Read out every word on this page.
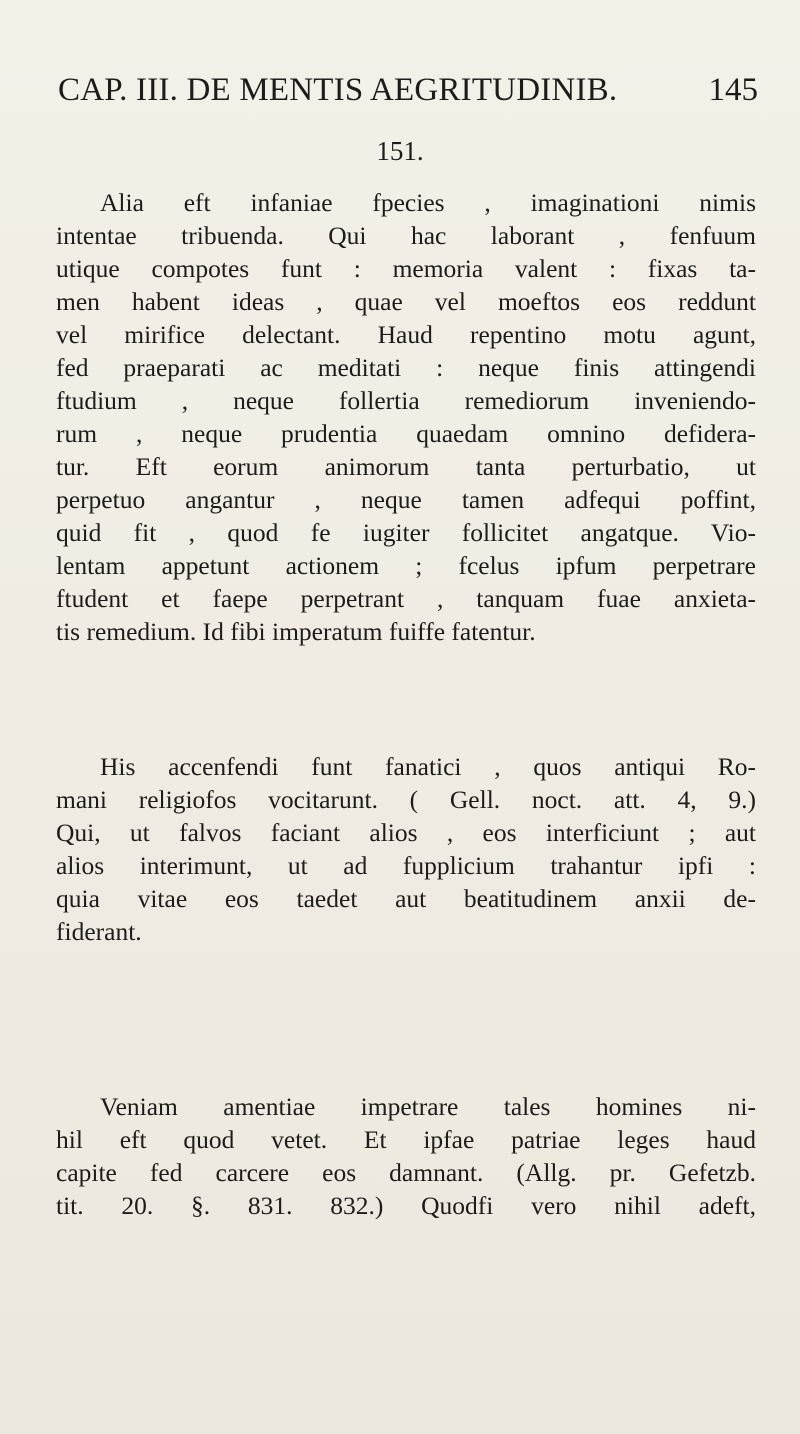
CAP. III. DE MENTIS AEGRITUDINIB.	145
151.

Alia eft infaniae fpecies , imaginationi nimis
intentae tribuenda. Qui hac laborant , fenfuum
utique compotes funt : memoria valent : fixas ta-
men habent ideas , quae vel moeftos eos reddunt
vel mirifice delectant. Haud repentino motu agunt,
fed praeparati ac meditati : neque finis attingendi
ftudium , neque follertia remediorum inveniendo-
rum , neque prudentia quaedam omnino defidera-
tur. Eft eorum animorum tanta perturbatio, ut
perpetuo angantur , neque tamen adfequi poffint,
quid fit , quod fe iugiter follicitet angatque. Vio-
lentam appetunt actionem ; fcelus ipfum perpetrare
ftudent et faepe perpetrant , tanquam fuae anxieta-
tis remedium. Id fibi imperatum fuiffe fatentur.

His accenfendi funt fanatici , quos antiqui Ro-
mani religiofos vocitarunt. ( Gell. noct. att. 4, 9.)
Qui, ut falvos faciant alios , eos interficiunt ; aut
alios interimunt, ut ad fupplicium trahantur ipfi :
quia vitae eos taedet aut beatitudinem anxii de-
fiderant.

Veniam amentiae impetrare tales homines ni-
hil eft quod vetet. Et ipfae patriae leges haud
capite fed carcere eos damnant. (Allg. pr. Gefetzb.
tit. 20. §. 831. 832.) Quodfi vero nihil adeft,
